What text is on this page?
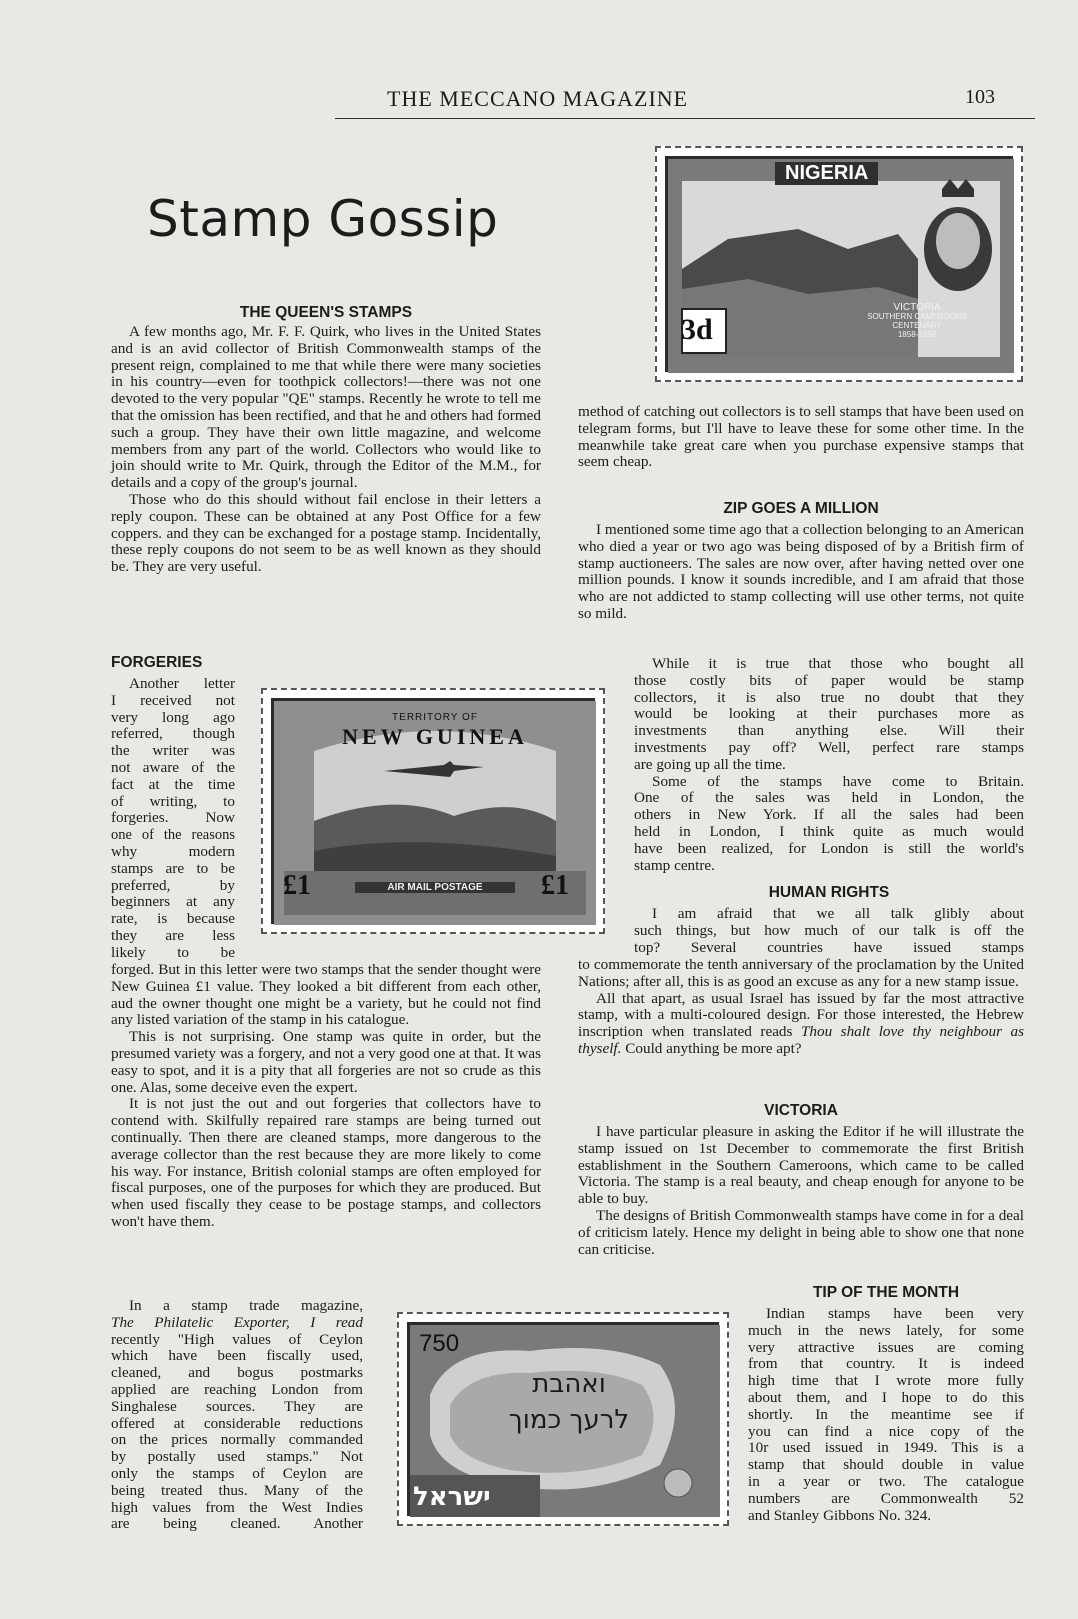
THE MECCANO MAGAZINE	103
Stamp Gossip
NIGERIA
3d
VICTORIA
SOUTHERN CAMEROONS
CENTENARY
1858-1958
TERRITORY OF
NEW GUINEA
£1	£1
AIR MAIL POSTAGE
750
ואהבת
לרעך כמוך
ישראל
THE QUEEN'S STAMPS

A few months ago, Mr. F. F. Quirk, who lives in the United States and is an avid collector of British Commonwealth stamps of the present reign, complained to me that while there were many societies in his country—even for toothpick collectors!—there was not one devoted to the very popular "QE" stamps. Recently he wrote to tell me that the omission has been rectified, and that he and others had formed such a group. They have their own little magazine, and welcome members from any part of the world. Collectors who would like to join should write to Mr. Quirk, through the Editor of the M.M., for details and a copy of the group's journal.

Those who do this should without fail enclose in their letters a reply coupon. These can be obtained at any Post Office for a few coppers. and they can be exchanged for a postage stamp. Incidentally, these reply coupons do not seem to be as well known as they should be. They are very useful.

FORGERIES
Another letter
I received not
very long ago
referred, though
the writer was
not aware of the
fact at the time
of writing, to
forgeries. Now
one of the reasons
why modern
stamps are to be
preferred, by
beginners at any
rate, is because
they are less
likely to be

forged. But in this letter were two stamps that the sender thought were New Guinea £1 value. They looked a bit different from each other, aud the owner thought one might be a variety, but he could not find any listed variation of the stamp in his catalogue.

This is not surprising. One stamp was quite in order, but the presumed variety was a forgery, and not a very good one at that. It was easy to spot, and it is a pity that all forgeries are not so crude as this one. Alas, some deceive even the expert.

It is not just the out and out forgeries that collectors have to contend with. Skilfully repaired rare stamps are being turned out continually. Then there are cleaned stamps, more dangerous to the average collector than the rest because they are more likely to come his way. For instance, British colonial stamps are often employed for fiscal purposes, one of the purposes for which they are produced. But when used fiscally they cease to be postage stamps, and collectors won't have them.

In a stamp trade magazine,
The Philatelic Exporter, I read
recently "High values of Ceylon
which have been fiscally used,
cleaned, and bogus postmarks
applied are reaching London from
Singhalese sources. They are
offered at considerable reductions
on the prices normally commanded
by postally used stamps." Not
only the stamps of Ceylon are
being treated thus. Many of the
high values from the West Indies
are being cleaned. Another

method of catching out collectors is to sell stamps that have been used on telegram forms, but I'll have to leave these for some other time. In the meanwhile take great care when you purchase expensive stamps that seem cheap.

ZIP GOES A MILLION

I mentioned some time ago that a collection belonging to an American who died a year or two ago was being disposed of by a British firm of stamp auctioneers. The sales are now over, after having netted over one million pounds. I know it sounds incredible, and I am afraid that those who are not addicted to stamp collecting will use other terms, not quite so mild.

While it is true that those who bought all
those costly bits of paper would be stamp
collectors, it is also true no doubt that they
would be looking at their purchases more as
investments than anything else. Will their
investments pay off? Well, perfect rare stamps
are going up all the time.
Some of the stamps have come to Britain.
One of the sales was held in London, the
others in New York. If all the sales had been
held in London, I think quite as much would
have been realized, for London is still the world's
stamp centre.
HUMAN RIGHTS
I am afraid that we all talk glibly about
such things, but how much of our talk is off the
top? Several countries have issued stamps

to commemorate the tenth anniversary of the proclamation by the United Nations; after all, this is as good an excuse as any for a new stamp issue.

All that apart, as usual Israel has issued by far the most attractive stamp, with a multi-coloured design. For those interested, the Hebrew inscription when translated reads Thou shalt love thy neighbour as thyself. Could anything be more apt?

VICTORIA

I have particular pleasure in asking the Editor if he will illustrate the stamp issued on 1st December to commemorate the first British establishment in the Southern Cameroons, which came to be called Victoria. The stamp is a real beauty, and cheap enough for anyone to be able to buy.

The designs of British Commonwealth stamps have come in for a deal of criticism lately. Hence my delight in being able to show one that none can criticise.

TIP OF THE MONTH
Indian stamps have been very
much in the news lately, for some
very attractive issues are coming
from that country. It is indeed
high time that I wrote more fully
about them, and I hope to do this
shortly. In the meantime see if
you can find a nice copy of the
10r used issued in 1949. This is a
stamp that should double in value
in a year or two. The catalogue
numbers are Commonwealth 52
and Stanley Gibbons No. 324.
